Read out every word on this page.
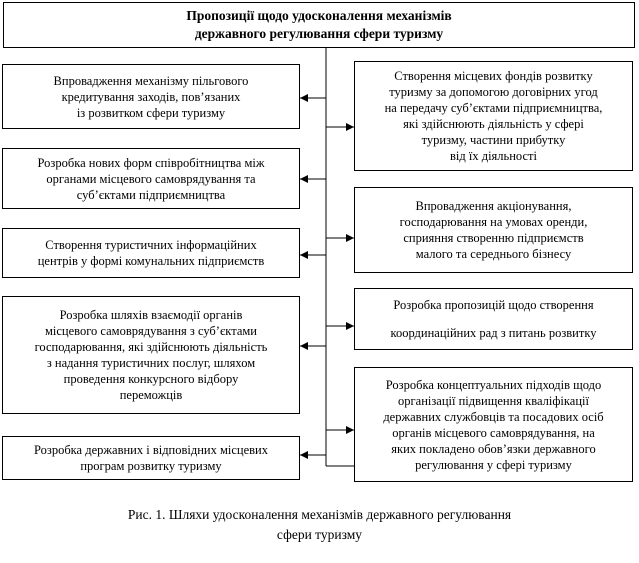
Пропозиції щодо удосконалення механізмів
державного регулювання сфери туризму
Впровадження механізму пільгового
кредитування заходів, пов’язаних
із розвитком сфери туризму
Розробка нових форм співробітництва між
органами місцевого самоврядування та
суб’єктами підприємництва
Створення туристичних інформаційних
центрів у формі комунальних підприємств
Розробка шляхів взаємодії органів
місцевого самоврядування з суб’єктами
господарювання, які здійснюють діяльність
з надання туристичних послуг, шляхом
проведення конкурсного відбору
переможців
Розробка державних і відповідних місцевих
програм розвитку туризму
Створення місцевих фондів розвитку
туризму за допомогою договірних угод
на передачу суб’єктами підприємництва,
які здійснюють діяльність у сфері
туризму, частини прибутку
від їх діяльності
Впровадження акціонування,
господарювання на умовах оренди,
сприяння створенню підприємств
малого та середнього бізнесу
Розробка пропозицій щодо створення
координаційних рад з питань розвитку
Розробка концептуальних підходів щодо
організації підвищення кваліфікації
державних службовців та посадових осіб
органів місцевого самоврядування, на
яких покладено обов’язки державного
регулювання у сфері туризму
Рис. 1. Шляхи удосконалення механізмів державного регулювання
сфери туризму
